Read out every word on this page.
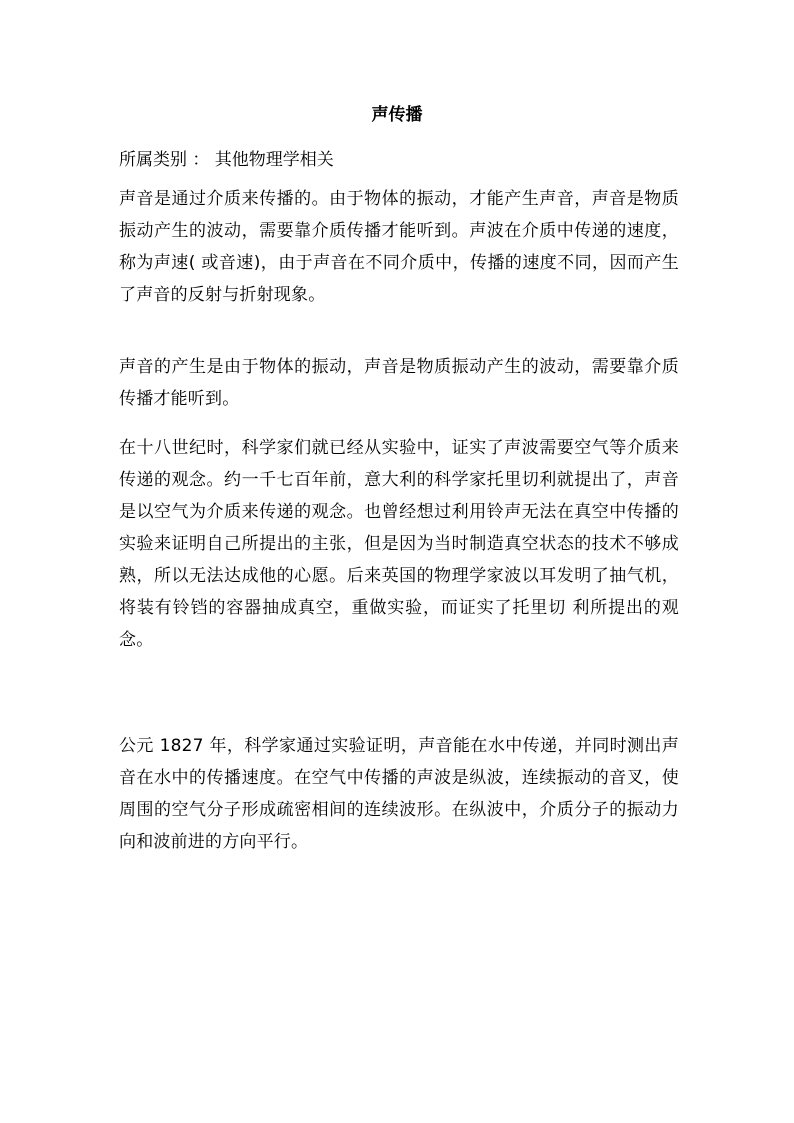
声传播
所属类别 ： 其他物理学相关
声音是通过介质来传播的。由于物体的振动，才能产生声音，声音是物质振动产生的波动，需要靠介质传播才能听到。声波在介质中传递的速度，称为声速( 或音速)，由于声音在不同介质中，传播的速度不同，因而产生了声音的反射与折射现象。
声音的产生是由于物体的振动，声音是物质振动产生的波动，需要靠介质传播才能听到。
在十八世纪时，科学家们就已经从实验中，证实了声波需要空气等介质来传递的观念。约一千七百年前，意大利的科学家托里切利就提出了，声音是以空气为介质来传递的观念。也曾经想过利用铃声无法在真空中传播的实验来证明自己所提出的主张，但是因为当时制造真空状态的技术不够成熟，所以无法达成他的心愿。后来英国的物理学家波以耳发明了抽气机，将装有铃铛的容器抽成真空，重做实验，而证实了托里切 利所提出的观念。
公元 1827 年，科学家通过实验证明，声音能在水中传递，并同时测出声 音在水中的传播速度。在空气中传播的声波是纵波，连续振动的音叉，使周围的空气分子形成疏密相间的连续波形。在纵波中，介质分子的振动力向和波前进的方向平行。
